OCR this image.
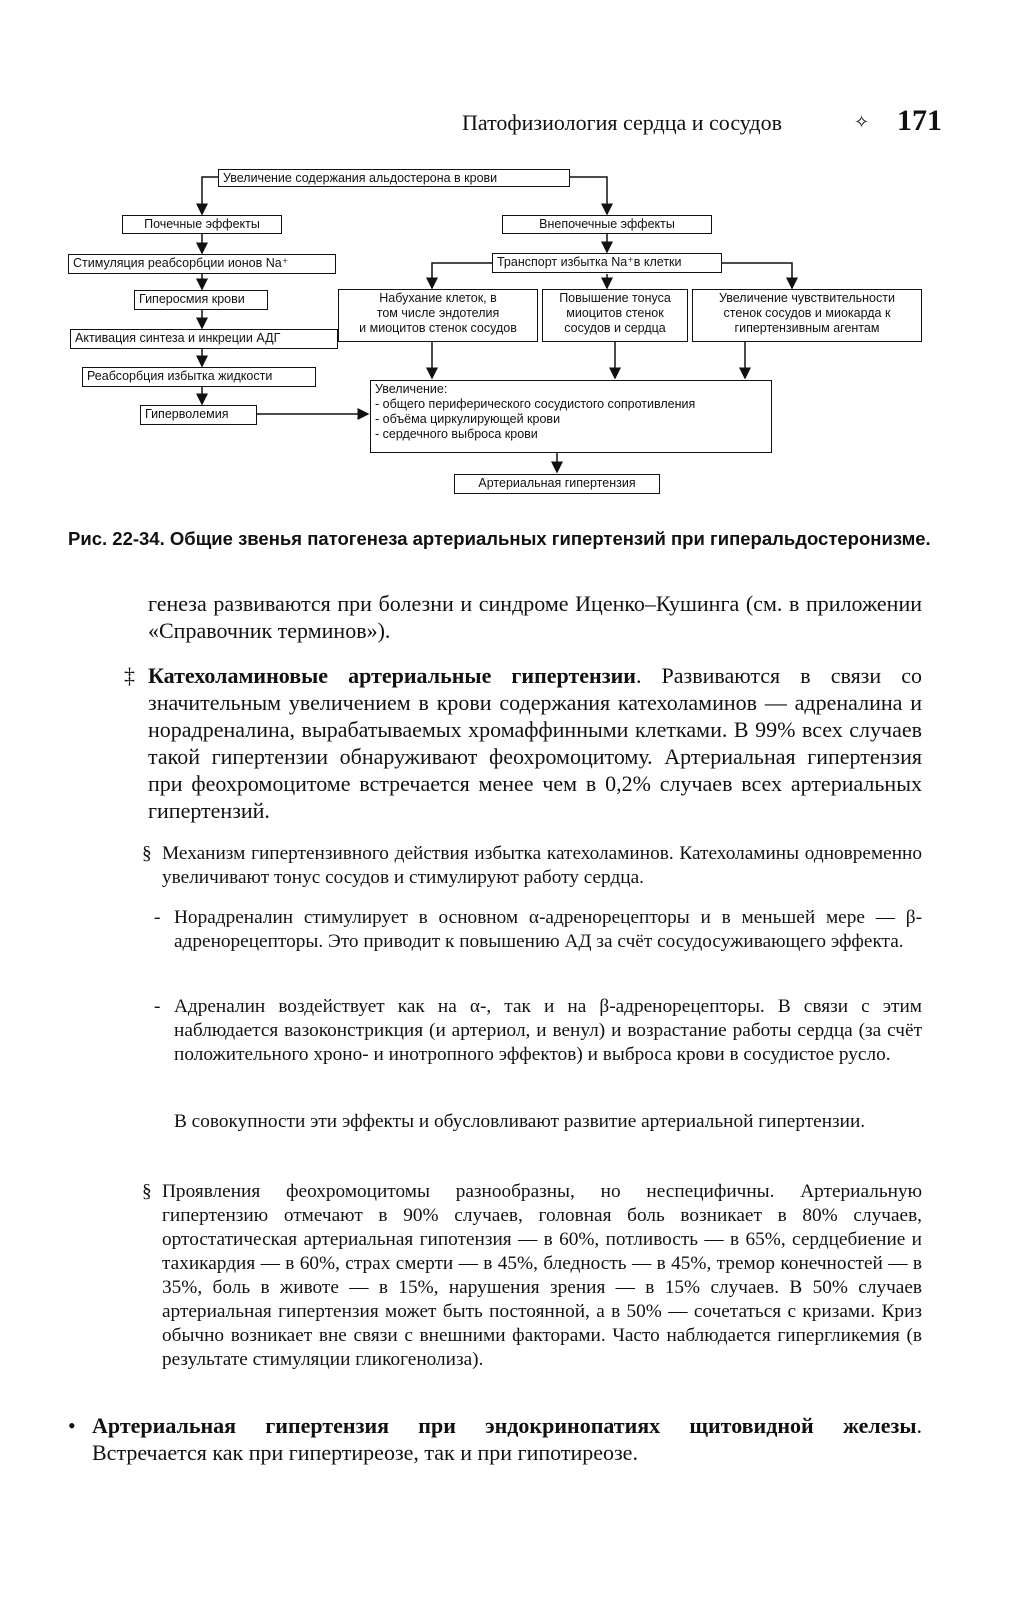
Патофизиология сердца и сосудов	✧ 171
Увеличение содержания альдостерона в крови
Почечные эффекты	Внепочечные эффекты
Стимуляция реабсорбции ионов Na⁺	Транспорт избытка Na⁺в клетки
Гиперосмия крови	Набухание клеток, в
том числе эндотелия
и миоцитов стенок сосудов
Повышение тонуса
миоцитов стенок
сосудов и сердца
Увеличение чувствительности
стенок сосудов и миокарда к
гипертензивным агентам
Активация синтеза и инкреции АДГ
Реабсорбция избытка жидкости
Гиперволемия
Увеличение:
- общего периферического сосудистого сопротивления
- объёма циркулирующей крови
- сердечного выброса крови
Артериальная гипертензия
Рис. 22-34. Общие звенья патогенеза артериальных гипертензий при гиперальдостеронизме.
генеза развиваются при болезни и синдроме Иценко–Кушинга (см. в приложении «Справочник терминов»).
‡ Катехоламиновые артериальные гипертензии. Развиваются в связи со значительным увеличением в крови содержания катехоламинов — адреналина и норадреналина, вырабатываемых хромаффинными клетками. В 99% всех случаев такой гипертензии обнаруживают феохромоцитому. Артериальная гипертензия при феохромоцитоме встречается менее чем в 0,2% случаев всех артериальных гипертензий.
§ Механизм гипертензивного действия избытка катехоламинов. Катехоламины одновременно увеличивают тонус сосудов и стимулируют работу сердца.
- Норадреналин стимулирует в основном α-адренорецепторы и в меньшей мере — β-адренорецепторы. Это приводит к повышению АД за счёт сосудосуживающего эффекта.
- Адреналин воздействует как на α-, так и на β-адренорецепторы. В связи с этим наблюдается вазоконстрикция (и артериол, и венул) и возрастание работы сердца (за счёт положительного хроно- и инотропного эффектов) и выброса крови в сосудистое русло.
В совокупности эти эффекты и обусловливают развитие артериальной гипертензии.
§ Проявления феохромоцитомы разнообразны, но неспецифичны. Артериальную гипертензию отмечают в 90% случаев, головная боль возникает в 80% случаев, ортостатическая артериальная гипотензия — в 60%, потливость — в 65%, сердцебиение и тахикардия — в 60%, страх смерти — в 45%, бледность — в 45%, тремор конечностей — в 35%, боль в животе — в 15%, нарушения зрения — в 15% случаев. В 50% случаев артериальная гипертензия может быть постоянной, а в 50% — сочетаться с кризами. Криз обычно возникает вне связи с внешними факторами. Часто наблюдается гипергликемия (в результате стимуляции гликогенолиза).
• Артериальная гипертензия при эндокринопатиях щитовидной железы. Встречается как при гипертиреозе, так и при гипотиреозе.
